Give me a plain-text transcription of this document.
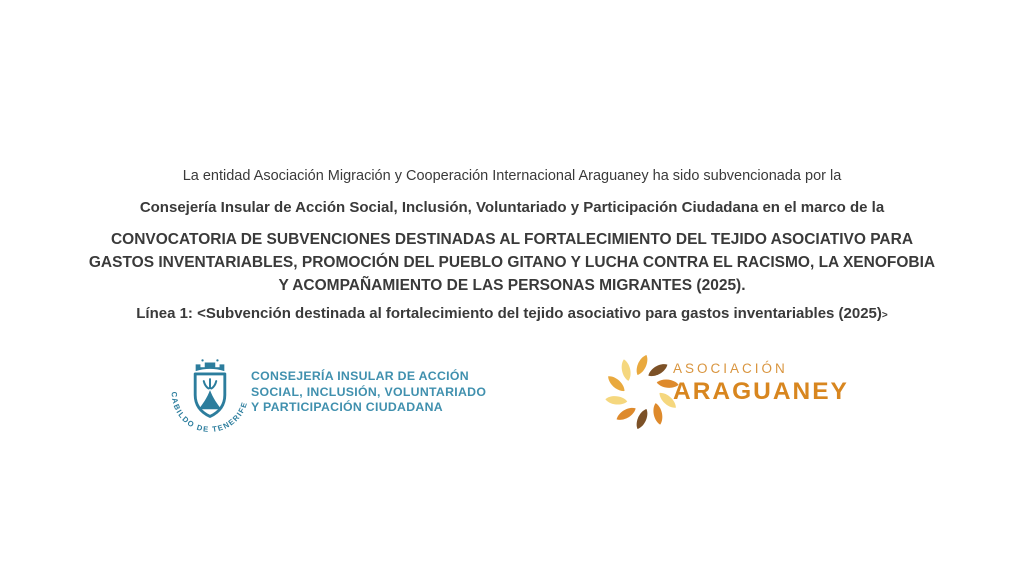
La entidad Asociación Migración y Cooperación Internacional Araguaney ha sido subvencionada por la

Consejería Insular de Acción Social, Inclusión, Voluntariado y Participación Ciudadana en el marco de la

CONVOCATORIA DE SUBVENCIONES DESTINADAS AL FORTALECIMIENTO DEL TEJIDO ASOCIATIVO PARA
GASTOS INVENTARIABLES, PROMOCIÓN DEL PUEBLO GITANO Y LUCHA CONTRA EL RACISMO, LA XENOFOBIA
Y ACOMPAÑAMIENTO DE LAS PERSONAS MIGRANTES (2025).

Línea 1: <Subvención destinada al fortalecimiento del tejido asociativo para gastos inventariables (2025)>

CABILDO DE TENERIFE
CONSEJERÍA INSULAR DE ACCIÓN
SOCIAL, INCLUSIÓN, VOLUNTARIADO
Y PARTICIPACIÓN CIUDADANA
ASOCIACIÓN
ARAGUANEY
